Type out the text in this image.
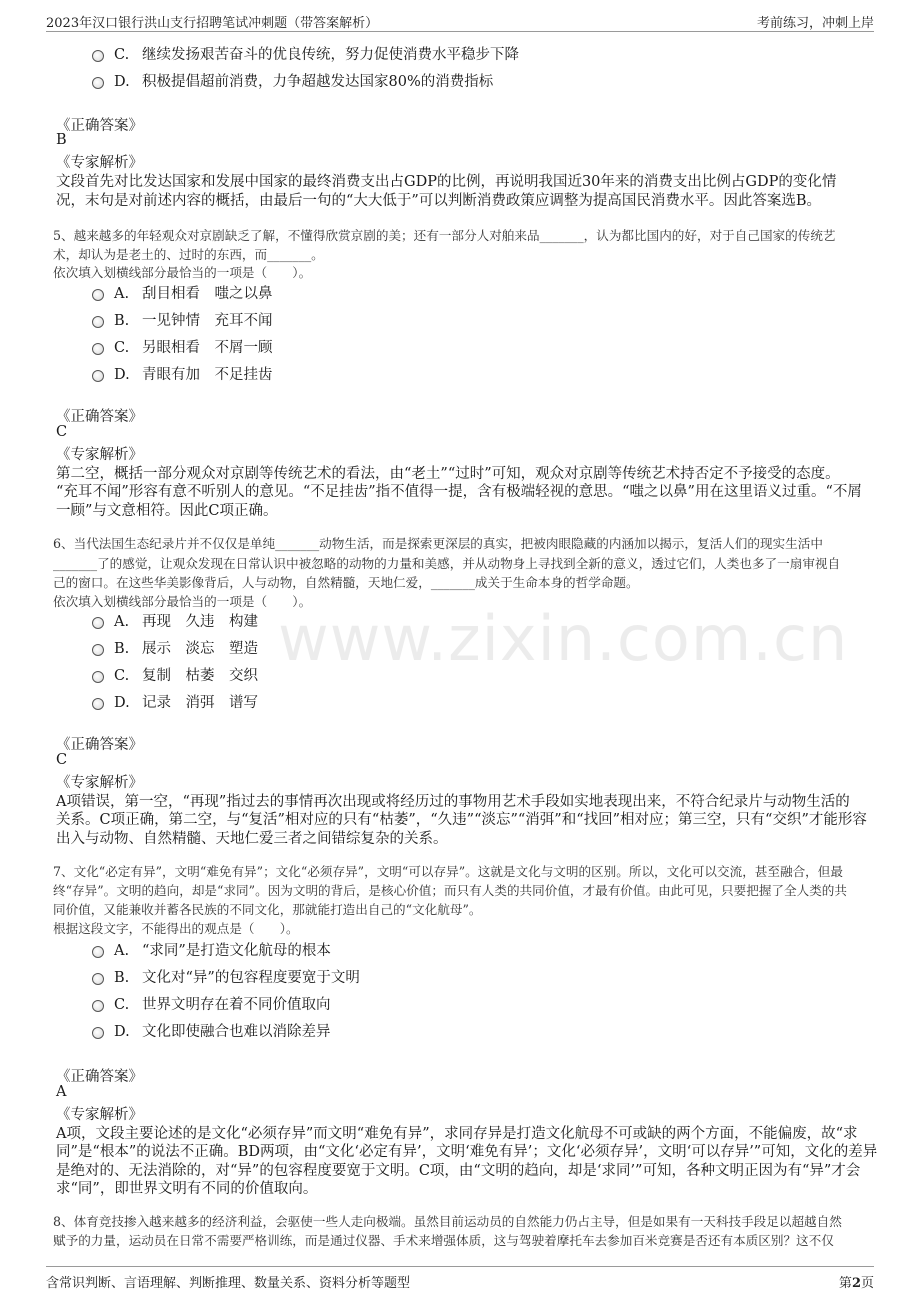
2023年汉口银行洪山支行招聘笔试冲刺题（带答案解析）	考前练习，冲刺上岸
www.zixin.com.cn
C. 继续发扬艰苦奋斗的优良传统，努力促使消费水平稳步下降
D. 积极提倡超前消费，力争超越发达国家80%的消费指标
《正确答案》
B
《专家解析》
文段首先对比发达国家和发展中国家的最终消费支出占GDP的比例，再说明我国近30年来的消费支出比例占GDP的变化情
况，末句是对前述内容的概括，由最后一句的“大大低于”可以判断消费政策应调整为提高国民消费水平。因此答案选B。
5、越来越多的年轻观众对京剧缺乏了解，不懂得欣赏京剧的美；还有一部分人对舶来品_______，认为都比国内的好，对于自己国家的传统艺
术，却认为是老土的、过时的东西，而_______。
依次填入划横线部分最恰当的一项是（　　）。
A. 刮目相看　嗤之以鼻
B. 一见钟情　充耳不闻
C. 另眼相看　不屑一顾
D. 青眼有加　不足挂齿
《正确答案》
C
《专家解析》
第二空，概括一部分观众对京剧等传统艺术的看法，由“老土”“过时”可知，观众对京剧等传统艺术持否定不予接受的态度。
“充耳不闻”形容有意不听别人的意见。“不足挂齿”指不值得一提，含有极端轻视的意思。“嗤之以鼻”用在这里语义过重。“不屑
一顾”与文意相符。因此C项正确。
6、当代法国生态纪录片并不仅仅是单纯_______动物生活，而是探索更深层的真实，把被肉眼隐藏的内涵加以揭示，复活人们的现实生活中
_______了的感觉，让观众发现在日常认识中被忽略的动物的力量和美感，并从动物身上寻找到全新的意义，透过它们，人类也多了一扇审视自
己的窗口。在这些华美影像背后，人与动物，自然精髓，天地仁爱，_______成关于生命本身的哲学命题。
依次填入划横线部分最恰当的一项是（　　）。
A. 再现　久违　构建
B. 展示　淡忘　塑造
C. 复制　枯萎　交织
D. 记录　消弭　谱写
《正确答案》
C
《专家解析》
A项错误，第一空，“再现”指过去的事情再次出现或将经历过的事物用艺术手段如实地表现出来，不符合纪录片与动物生活的
关系。C项正确，第二空，与“复活”相对应的只有“枯萎”，“久违”“淡忘”“消弭”和“找回”相对应；第三空，只有“交织”才能形容
出入与动物、自然精髓、天地仁爱三者之间错综复杂的关系。
7、文化“必定有异”，文明“难免有异”；文化“必须存异”，文明“可以存异”。这就是文化与文明的区别。所以，文化可以交流，甚至融合，但最
终“存异”。文明的趋向，却是“求同”。因为文明的背后，是核心价值；而只有人类的共同价值，才最有价值。由此可见，只要把握了全人类的共
同价值，又能兼收并蓄各民族的不同文化，那就能打造出自己的“文化航母”。
根据这段文字，不能得出的观点是（　　）。
A. “求同”是打造文化航母的根本
B. 文化对“异”的包容程度要宽于文明
C. 世界文明存在着不同价值取向
D. 文化即使融合也难以消除差异
《正确答案》
A
《专家解析》
A项，文段主要论述的是文化“必须存异”而文明“难免有异”，求同存异是打造文化航母不可或缺的两个方面，不能偏废，故“求
同”是“根本”的说法不正确。BD两项，由“文化‘必定有异’，文明‘难免有异’；文化‘必须存异’，文明‘可以存异’”可知，文化的差异
是绝对的、无法消除的，对“异”的包容程度要宽于文明。C项，由“文明的趋向，却是‘求同’”可知，各种文明正因为有“异”才会
求“同”，即世界文明有不同的价值取向。
8、体育竞技掺入越来越多的经济利益，会驱使一些人走向极端。虽然目前运动员的自然能力仍占主导，但是如果有一天科技手段足以超越自然
赋予的力量，运动员在日常不需要严格训练，而是通过仪器、手术来增强体质，这与驾驶着摩托车去参加百米竞赛是否还有本质区别？这不仅
含常识判断、言语理解、判断推理、数量关系、资料分析等题型	第2页
